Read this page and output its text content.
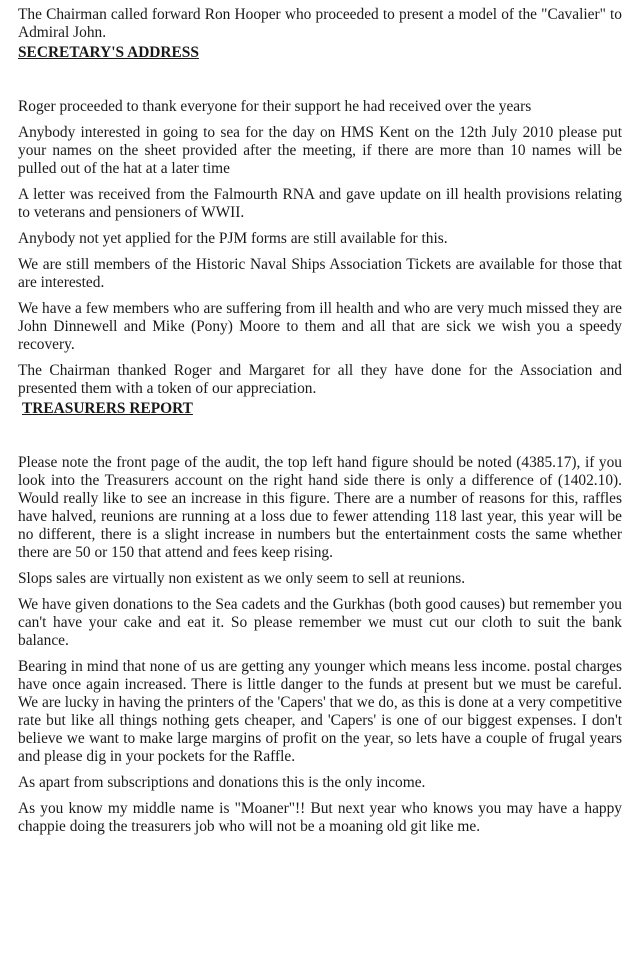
The Chairman called forward Ron Hooper who proceeded to present a model of the "Cavalier" to Admiral John.

SECRETARY'S ADDRESS

Roger proceeded to thank everyone for their support he had received over the years

Anybody interested in going to sea for the day on HMS Kent on the 12th July 2010 please put your names on the sheet provided after the meeting, if there are more than 10 names will be pulled out of the hat at a later time

A letter was received from the Falmourth RNA and gave update on ill health provisions relating to veterans and pensioners of WWII.

Anybody not yet applied for the PJM forms are still available for this.

We are still members of the Historic Naval Ships Association Tickets are available for those that are interested.

We have a few members who are suffering from ill health and who are very much missed they are John Dinnewell and Mike (Pony) Moore to them and all that are sick we wish you a speedy recovery.

The Chairman thanked Roger and Margaret for all they have done for the Association and presented them with a token of our appreciation.

TREASURERS REPORT

Please note the front page of the audit, the top left hand figure should be noted (4385.17), if you look into the Treasurers account on the right hand side there is only a difference of (1402.10). Would really like to see an increase in this figure. There are a number of reasons for this, raffles have halved, reunions are running at a loss due to fewer attending 118 last year, this year will be no different, there is a slight increase in numbers but the entertainment costs the same whether there are 50 or 150 that attend and fees keep rising.

Slops sales are virtually non existent as we only seem to sell at reunions.

We have given donations to the Sea cadets and the Gurkhas (both good causes) but remember you can't have your cake and eat it. So please remember we must cut our cloth to suit the bank balance.

Bearing in mind that none of us are getting any younger which means less income. postal charges have once again increased. There is little danger to the funds at present but we must be careful. We are lucky in having the printers of the 'Capers' that we do, as this is done at a very competitive rate but like all things nothing gets cheaper, and 'Capers' is one of our biggest expenses. I don't believe we want to make large margins of profit on the year, so lets have a couple of frugal years and please dig in your pockets for the Raffle.

As apart from subscriptions and donations this is the only income.

As you know my middle name is "Moaner"!! But next year who knows you may have a happy chappie doing the treasurers job who will not be a moaning old git like me.
